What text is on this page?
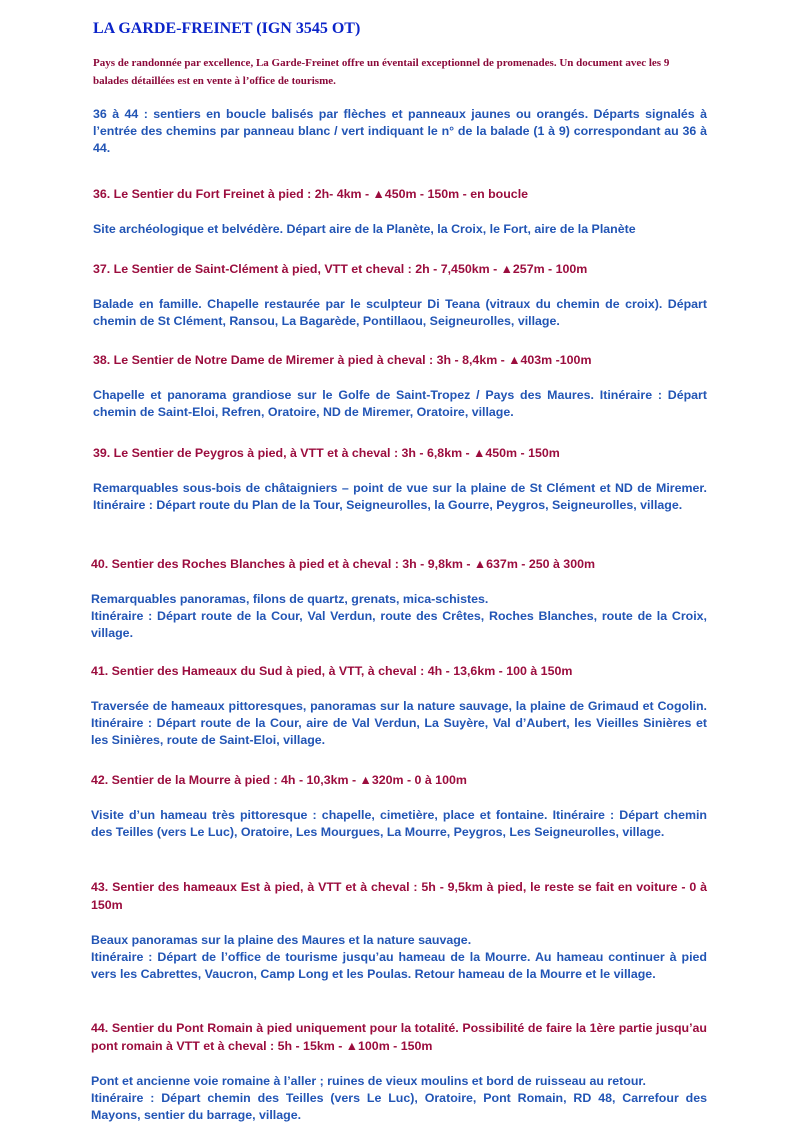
LA GARDE-FREINET (IGN 3545 OT)
Pays de randonnée par excellence, La Garde-Freinet offre un éventail exceptionnel de promenades. Un document avec les 9 balades détaillées est en vente à l’office de tourisme.
36 à 44 : sentiers en boucle balisés par flèches et panneaux jaunes ou orangés. Départs signalés à l’entrée des chemins par panneau blanc / vert indiquant le n° de la balade (1 à 9) correspondant au 36 à 44.
36. Le Sentier du Fort Freinet à pied : 2h- 4km - ▲450m - 150m - en boucle
Site archéologique et belvédère. Départ aire de la Planète, la Croix, le Fort, aire de la Planète
37. Le Sentier de Saint-Clément à pied, VTT et cheval : 2h - 7,450km - ▲257m - 100m
Balade en famille. Chapelle restaurée par le sculpteur Di Teana (vitraux du chemin de croix). Départ chemin de St Clément, Ransou, La Bagarède, Pontillaou, Seigneurolles, village.
38. Le Sentier de Notre Dame de Miremer à pied à cheval : 3h - 8,4km - ▲403m -100m
Chapelle et panorama grandiose sur le Golfe de Saint-Tropez / Pays des Maures. Itinéraire : Départ chemin de Saint-Eloi, Refren, Oratoire, ND de Miremer, Oratoire, village.
39. Le Sentier de Peygros à pied, à VTT et à cheval : 3h - 6,8km - ▲450m - 150m
Remarquables sous-bois de châtaigniers – point de vue sur la plaine de St Clément et ND de Miremer. Itinéraire : Départ route du Plan de la Tour, Seigneurolles, la Gourre, Peygros, Seigneurolles, village.
40. Sentier des Roches Blanches à pied et à cheval : 3h - 9,8km - ▲637m - 250 à 300m
Remarquables panoramas, filons de quartz, grenats, mica-schistes.
Itinéraire : Départ route de la Cour, Val Verdun, route des Crêtes, Roches Blanches, route de la Croix, village.
41. Sentier des Hameaux du Sud à pied, à VTT, à cheval : 4h - 13,6km - 100 à 150m
Traversée de hameaux pittoresques, panoramas sur la nature sauvage, la plaine de Grimaud et Cogolin. Itinéraire : Départ route de la Cour, aire de Val Verdun, La Suyère, Val d’Aubert, les Vieilles Sinières et les Sinières, route de Saint-Eloi, village.
42. Sentier de la Mourre à pied : 4h - 10,3km - ▲320m - 0 à 100m
Visite d’un hameau très pittoresque : chapelle, cimetière, place et fontaine. Itinéraire : Départ chemin des Teilles (vers Le Luc), Oratoire, Les Mourgues, La Mourre, Peygros, Les Seigneurolles, village.
43. Sentier des hameaux Est à pied, à VTT et à cheval : 5h - 9,5km à pied, le reste se fait en voiture - 0 à 150m
Beaux panoramas sur la plaine des Maures et la nature sauvage.
Itinéraire : Départ de l’office de tourisme jusqu’au hameau de la Mourre. Au hameau continuer à pied vers les Cabrettes, Vaucron, Camp Long et les Poulas. Retour hameau de la Mourre et le village.
44. Sentier du Pont Romain à pied uniquement pour la totalité. Possibilité de faire la 1ère partie jusqu’au pont romain à VTT et à cheval : 5h - 15km - ▲100m - 150m
Pont et ancienne voie romaine à l’aller ; ruines de vieux moulins et bord de ruisseau au retour.
Itinéraire : Départ chemin des Teilles (vers Le Luc), Oratoire, Pont Romain, RD 48, Carrefour des Mayons, sentier du barrage, village.
